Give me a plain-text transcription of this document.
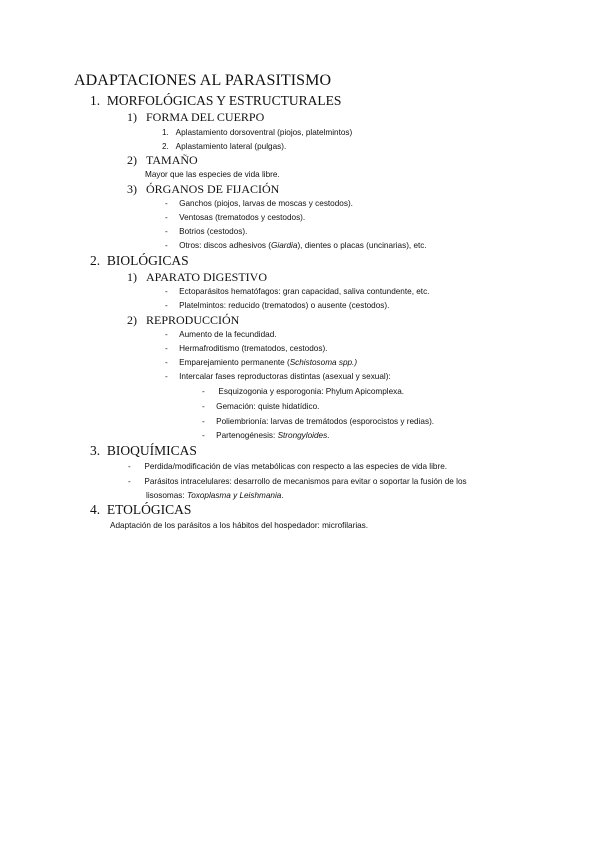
ADAPTACIONES AL PARASITISMO
1. MORFOLÓGICAS Y ESTRUCTURALES
1) FORMA DEL CUERPO
1. Aplastamiento dorsoventral (piojos, platelmintos)
2. Aplastamiento lateral (pulgas).
2) TAMAÑO
Mayor que las especies de vida libre.
3) ÓRGANOS DE FIJACIÓN
- Ganchos (piojos, larvas de moscas y cestodos).
- Ventosas (trematodos y cestodos).
- Botrios (cestodos).
- Otros: discos adhesivos (Giardia), dientes o placas (uncinarias), etc.
2. BIOLÓGICAS
1) APARATO DIGESTIVO
- Ectoparásitos hematófagos: gran capacidad, saliva contundente, etc.
- Platelmintos: reducido (trematodos) o ausente (cestodos).
2) REPRODUCCIÓN
- Aumento de la fecundidad.
- Hermafroditismo (trematodos, cestodos).
- Emparejamiento permanente (Schistosoma spp.)
- Intercalar fases reproductoras distintas (asexual y sexual):
- Esquizogonia y esporogonia: Phylum Apicomplexa.
- Gemación: quiste hidatídico.
- Poliembrionía: larvas de tremátodos (esporocistos y redias).
- Partenogénesis: Strongyloides.
3. BIOQUÍMICAS
- Perdida/modificación de vías metabólicas con respecto a las especies de vida libre.
- Parásitos intracelulares: desarrollo de mecanismos para evitar o soportar la fusión de los
lisosomas: Toxoplasma y Leishmania.
4. ETOLÓGICAS
Adaptación de los parásitos a los hábitos del hospedador: microfilarias.
